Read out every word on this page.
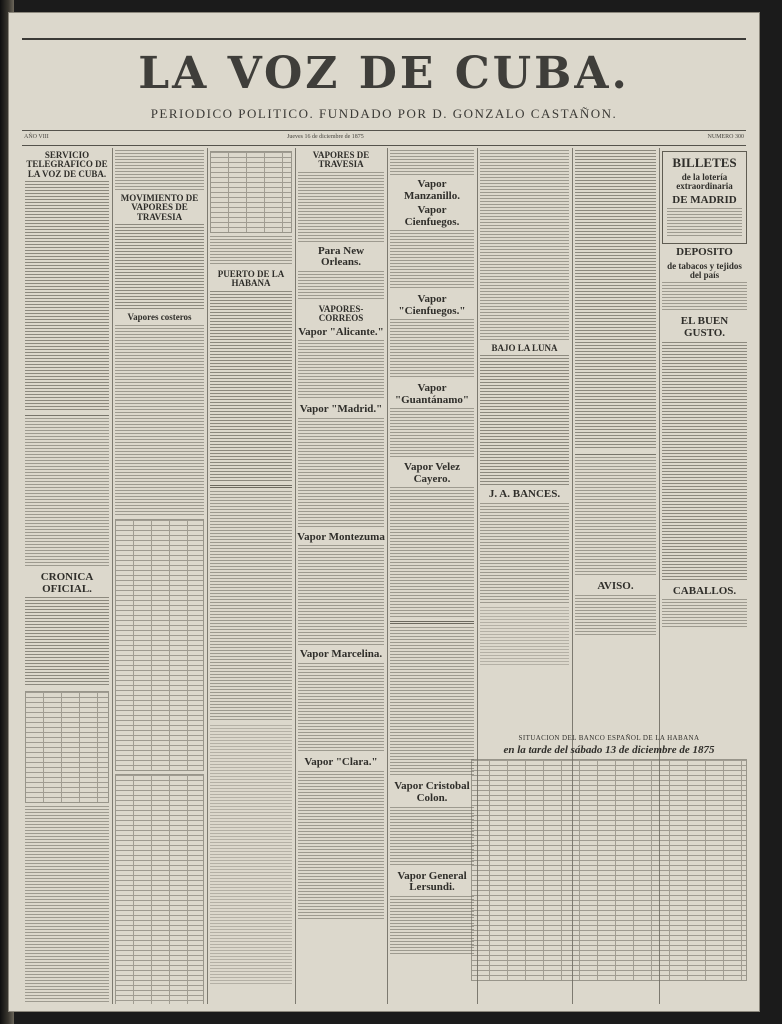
LA VOZ DE CUBA.
PERIODICO POLITICO. FUNDADO POR D. GONZALO CASTAÑON.
AÑO VIII	Jueves 16 de diciembre de 1875	NUMERO 300
SERVICIO TELEGRAFICO DE LA VOZ DE CUBA.
CRONICA OFICIAL.
MOVIMIENTO DE VAPORES DE TRAVESIA
Vapores costeros
PUERTO DE LA HABANA
VAPORES DE TRAVESIA
Para New Orleans.
VAPORES-CORREOS
Vapor "Alicante."
Vapor "Madrid."
Vapor Montezuma
Vapor Marcelina.
Vapor "Clara."
Vapor Manzanillo.
Vapor Cienfuegos.
Vapor "Cienfuegos."
Vapor "Guantánamo"
Vapor Velez Cayero.
Vapor Cristobal Colon.
Vapor General Lersundi.
BAJO LA LUNA
J. A. BANCES.
AVISO.
BILLETES
de la lotería extraordinaria
DE MADRID
DEPOSITO
de tabacos y tejidos del país
EL BUEN GUSTO.
CABALLOS.
SITUACION DEL BANCO ESPAÑOL DE LA HABANA
en la tarde del sábado 13 de diciembre de 1875
